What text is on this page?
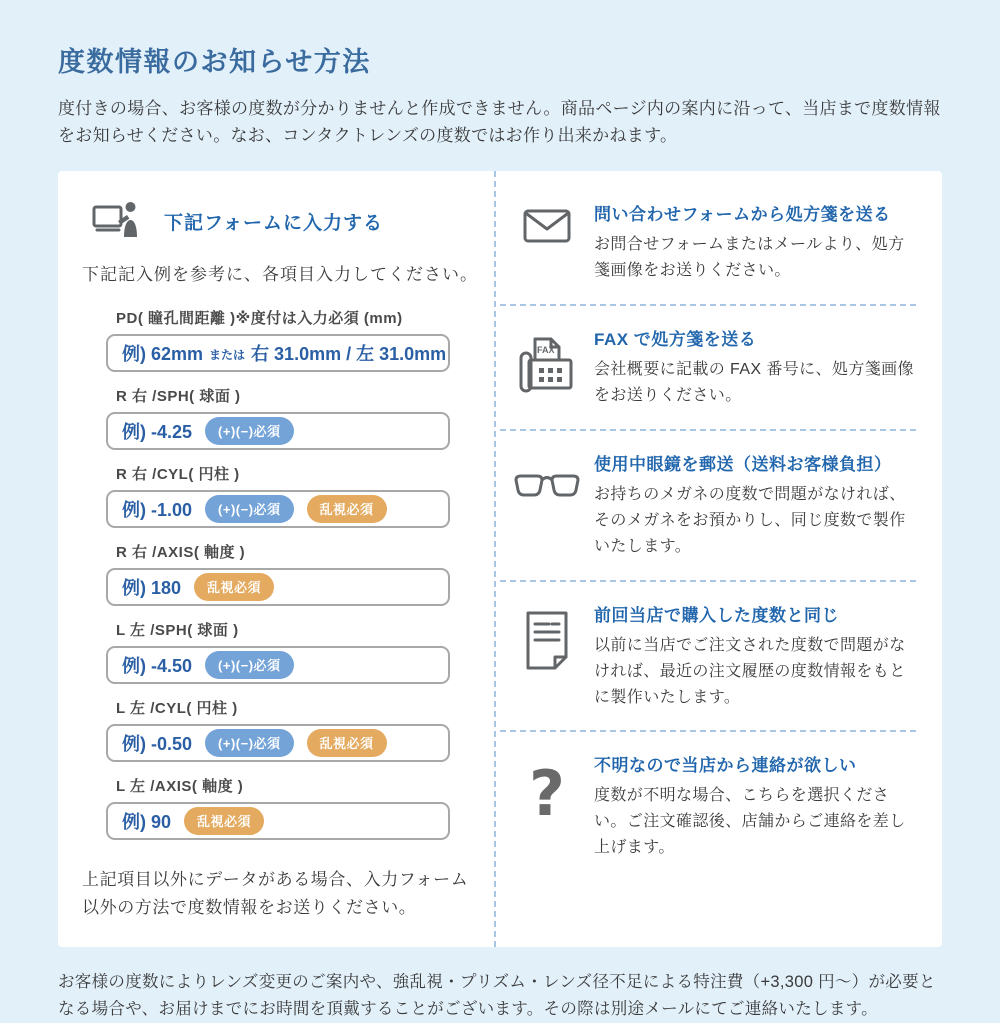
度数情報のお知らせ方法

度付きの場合、お客様の度数が分かりませんと作成できません。商品ページ内の案内に沿って、当店まで度数情報をお知らせください。なお、コンタクトレンズの度数ではお作り出来かねます。

下記フォームに入力する

下記記入例を参考に、各項目入力してください。

PD( 瞳孔間距離 )※度付は入力必須 (mm)
例) 62mm または 右 31.0mm / 左 31.0mm
R 右 /SPH( 球面 )
例) -4.25	(+)(−)必須
R 右 /CYL( 円柱 )
例) -1.00	(+)(−)必須	乱視必須
R 右 /AXIS( 軸度 )
例) 180	乱視必須
L 左 /SPH( 球面 )
例) -4.50	(+)(−)必須
L 左 /CYL( 円柱 )
例) -0.50	(+)(−)必須	乱視必須
L 左 /AXIS( 軸度 )
例) 90	乱視必須

上記項目以外にデータがある場合、入力フォーム以外の方法で度数情報をお送りください。

問い合わせフォームから処方箋を送る
お問合せフォームまたはメールより、処方箋画像をお送りください。
FAX
FAX で処方箋を送る
会社概要に記載の FAX 番号に、処方箋画像をお送りください。
使用中眼鏡を郵送（送料お客様負担）
お持ちのメガネの度数で問題がなければ、そのメガネをお預かりし、同じ度数で製作いたします。
前回当店で購入した度数と同じ
以前に当店でご注文された度数で問題がなければ、最近の注文履歴の度数情報をもとに製作いたします。
? 不明なので当店から連絡が欲しい
度数が不明な場合、こちらを選択ください。ご注文確認後、店舗からご連絡を差し上げます。
お客様の度数によりレンズ変更のご案内や、強乱視・プリズム・レンズ径不足による特注費（+3,300 円～）が必要となる場合や、お届けまでにお時間を頂戴することがございます。その際は別途メールにてご連絡いたします。
